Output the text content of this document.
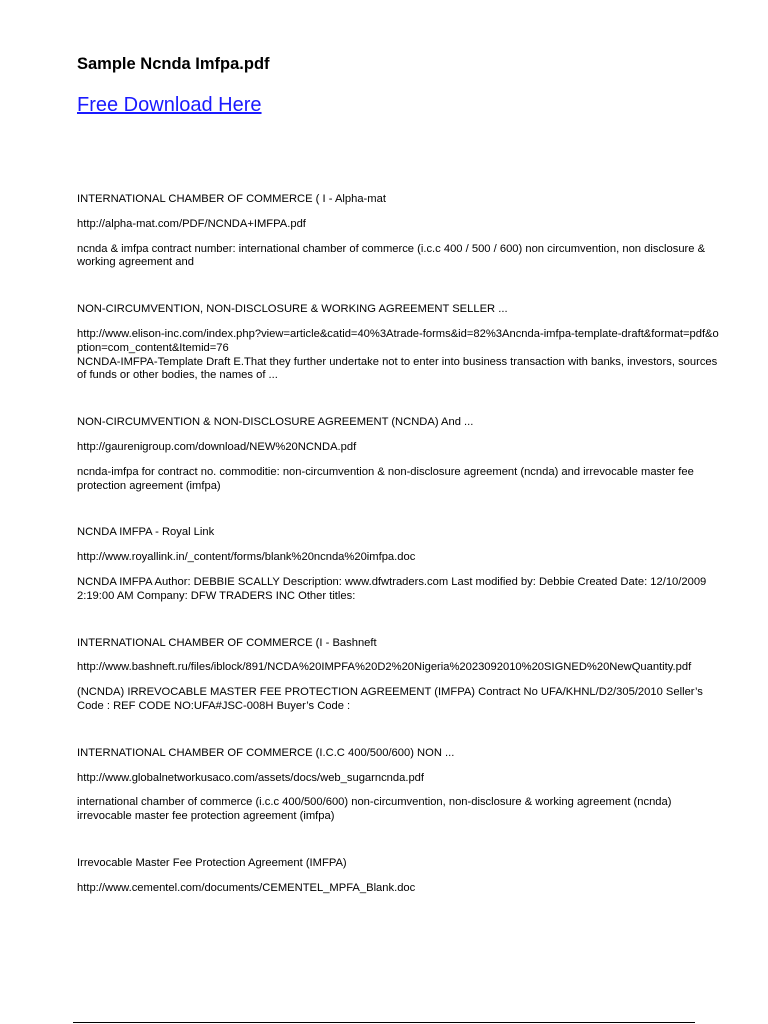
Sample Ncnda Imfpa.pdf
Free Download Here

INTERNATIONAL CHAMBER OF COMMERCE ( I - Alpha-mat

http://alpha-mat.com/PDF/NCNDA+IMFPA.pdf

ncnda & imfpa contract number: international chamber of commerce (i.c.c 400 / 500 / 600) non circumvention, non disclosure & working agreement and

NON-CIRCUMVENTION, NON-DISCLOSURE & WORKING AGREEMENT SELLER ...

http://www.elison-inc.com/index.php?view=article&catid=40%3Atrade-forms&id=82%3Ancnda-imfpa-template-draft&format=pdf&option=com_content&Itemid=76

NCNDA-IMFPA-Template Draft E.That they further undertake not to enter into business transaction with banks, investors, sources of funds or other bodies, the names of ...

NON-CIRCUMVENTION & NON-DISCLOSURE AGREEMENT (NCNDA) And ...

http://gaurenigroup.com/download/NEW%20NCNDA.pdf

ncnda-imfpa for contract no. commoditie: non-circumvention & non-disclosure agreement (ncnda) and irrevocable master fee protection agreement (imfpa)

NCNDA IMFPA - Royal Link

http://www.royallink.in/_content/forms/blank%20ncnda%20imfpa.doc

NCNDA IMFPA Author: DEBBIE SCALLY Description: www.dfwtraders.com Last modified by: Debbie Created Date: 12/10/2009 2:19:00 AM Company: DFW TRADERS INC Other titles:

INTERNATIONAL CHAMBER OF COMMERCE (I - Bashneft

http://www.bashneft.ru/files/iblock/891/NCDA%20IMPFA%20D2%20Nigeria%2023092010%20SIGNED%20NewQuantity.pdf

(NCNDA) IRREVOCABLE MASTER FEE PROTECTION AGREEMENT (IMFPA) Contract No UFA/KHNL/D2/305/2010 Seller’s Code : REF CODE NO:UFA#JSC-008H Buyer’s Code :

INTERNATIONAL CHAMBER OF COMMERCE (I.C.C 400/500/600) NON ...

http://www.globalnetworkusaco.com/assets/docs/web_sugarncnda.pdf

international chamber of commerce (i.c.c 400/500/600) non-circumvention, non-disclosure & working agreement (ncnda) irrevocable master fee protection agreement (imfpa)

Irrevocable Master Fee Protection Agreement (IMFPA)

http://www.cementel.com/documents/CEMENTEL_MPFA_Blank.doc
